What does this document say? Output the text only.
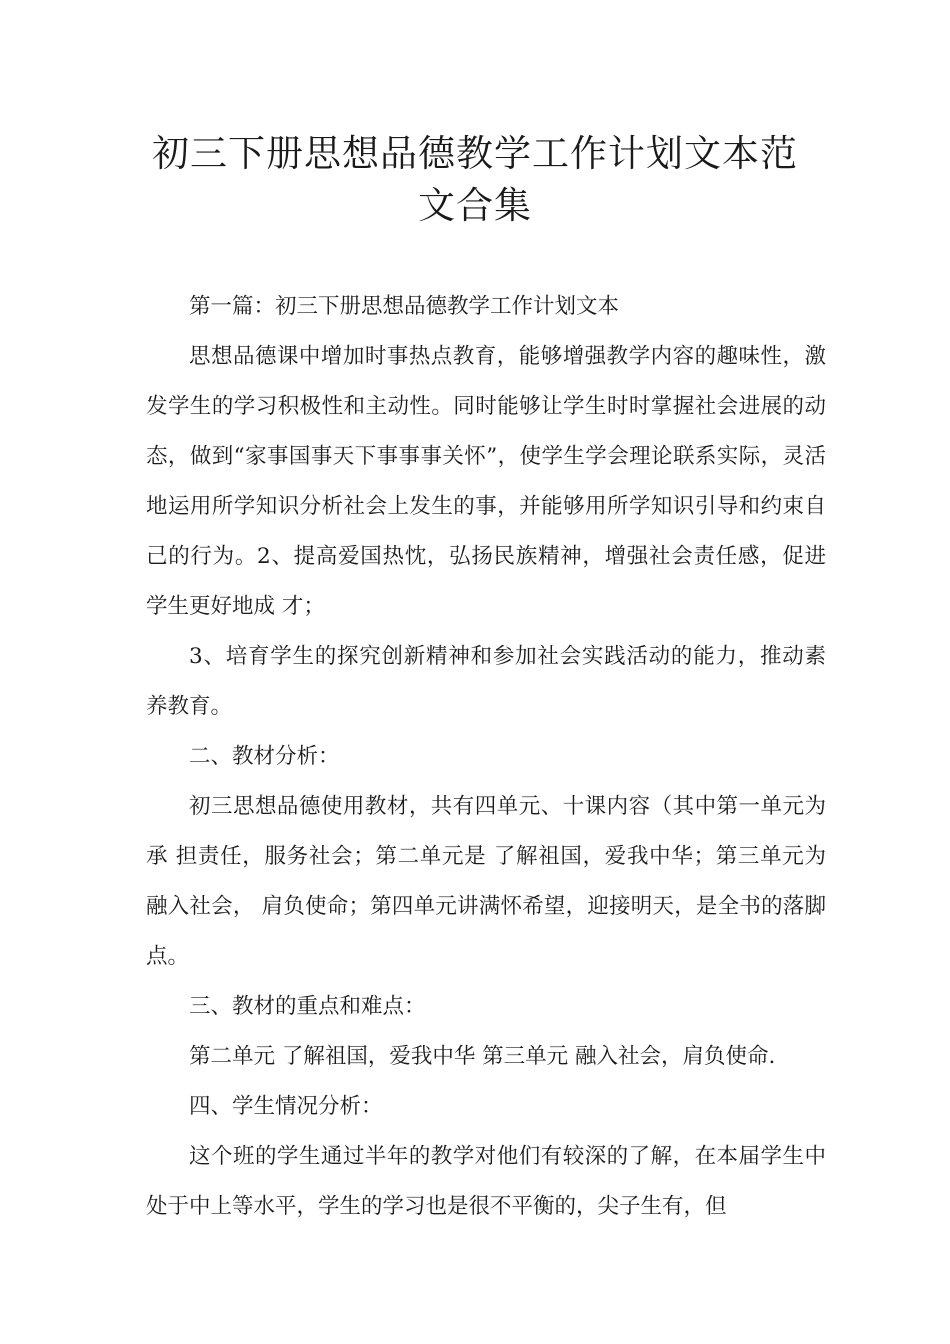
初三下册思想品德教学工作计划文本范
文合集

第一篇：初三下册思想品德教学工作计划文本

思想品德课中增加时事热点教育，能够增强教学内容的趣味性，激发学生的学习积极性和主动性。同时能够让学生时时掌握社会进展的动态，做到“家事国事天下事事事关怀”，使学生学会理论联系实际，灵活地运用所学知识分析社会上发生的事，并能够用所学知识引导和约束自己的行为。2、提高爱国热忱，弘扬民族精神，增强社会责任感，促进学生更好地成 才；

3、培育学生的探究创新精神和参加社会实践活动的能力，推动素养教育。

二、教材分析：

初三思想品德使用教材，共有四单元、十课内容（其中第一单元为承 担责任，服务社会；第二单元是 了解祖国，爱我中华；第三单元为 融入社会， 肩负使命；第四单元讲满怀希望，迎接明天，是全书的落脚点。

三、教材的重点和难点：

第二单元 了解祖国，爱我中华 第三单元 融入社会，肩负使命.

四、学生情况分析：

这个班的学生通过半年的教学对他们有较深的了解，在本届学生中处于中上等水平，学生的学习也是很不平衡的，尖子生有，但
